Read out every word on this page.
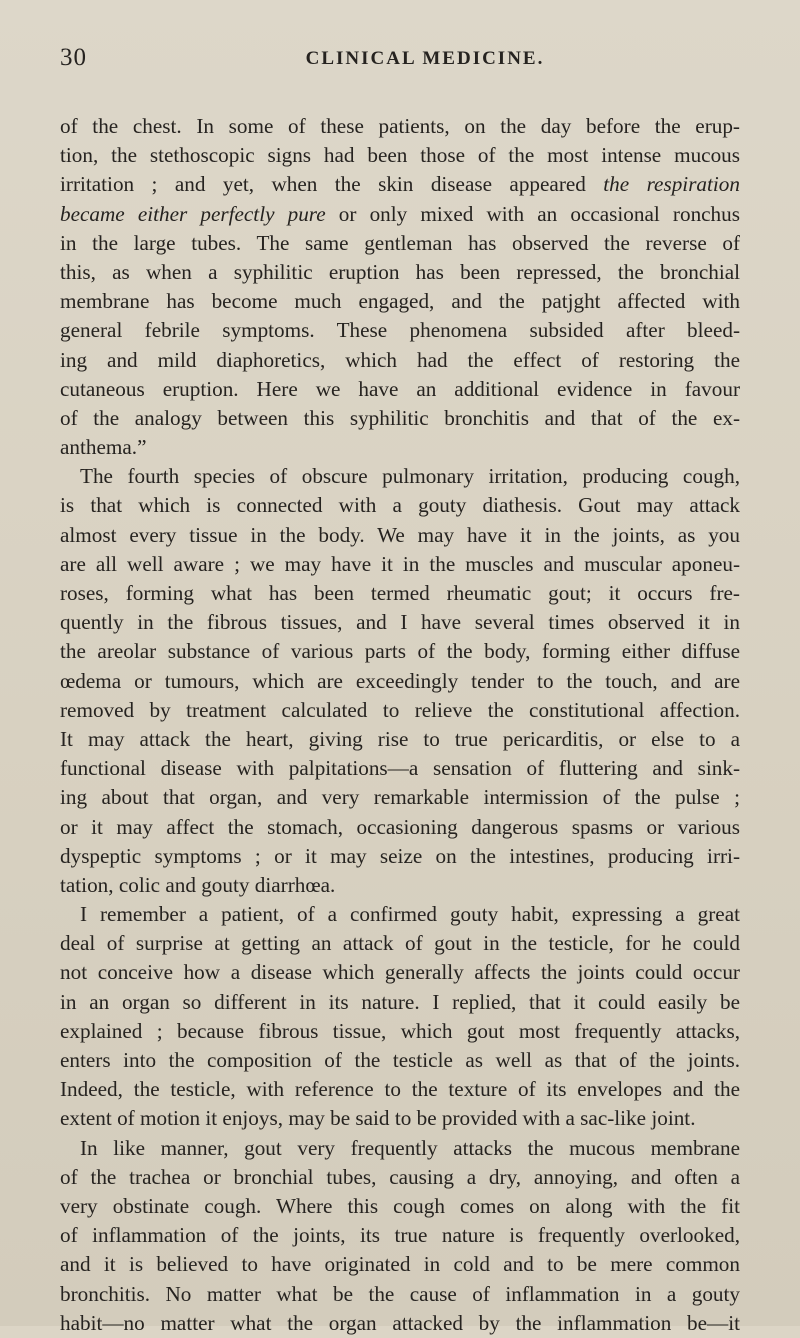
30	CLINICAL MEDICINE.
of the chest. In some of these patients, on the day before the erup-
tion, the stethoscopic signs had been those of the most intense mucous
irritation ; and yet, when the skin disease appeared the respiration
became either perfectly pure or only mixed with an occasional ronchus
in the large tubes. The same gentleman has observed the reverse of
this, as when a syphilitic eruption has been repressed, the bronchial
membrane has become much engaged, and the patjght affected with
general febrile symptoms. These phenomena subsided after bleed-
ing and mild diaphoretics, which had the effect of restoring the
cutaneous eruption. Here we have an additional evidence in favour
of the analogy between this syphilitic bronchitis and that of the ex-
anthema.”
The fourth species of obscure pulmonary irritation, producing cough,
is that which is connected with a gouty diathesis. Gout may attack
almost every tissue in the body. We may have it in the joints, as you
are all well aware ; we may have it in the muscles and muscular aponeu-
roses, forming what has been termed rheumatic gout; it occurs fre-
quently in the fibrous tissues, and I have several times observed it in
the areolar substance of various parts of the body, forming either diffuse
œdema or tumours, which are exceedingly tender to the touch, and are
removed by treatment calculated to relieve the constitutional affection.
It may attack the heart, giving rise to true pericarditis, or else to a
functional disease with palpitations—a sensation of fluttering and sink-
ing about that organ, and very remarkable intermission of the pulse ;
or it may affect the stomach, occasioning dangerous spasms or various
dyspeptic symptoms ; or it may seize on the intestines, producing irri-
tation, colic and gouty diarrhœa.
I remember a patient, of a confirmed gouty habit, expressing a great
deal of surprise at getting an attack of gout in the testicle, for he could
not conceive how a disease which generally affects the joints could occur
in an organ so different in its nature. I replied, that it could easily be
explained ; because fibrous tissue, which gout most frequently attacks,
enters into the composition of the testicle as well as that of the joints.
Indeed, the testicle, with reference to the texture of its envelopes and the
extent of motion it enjoys, may be said to be provided with a sac-like joint.
In like manner, gout very frequently attacks the mucous membrane
of the trachea or bronchial tubes, causing a dry, annoying, and often a
very obstinate cough. Where this cough comes on along with the fit
of inflammation of the joints, its true nature is frequently overlooked,
and it is believed to have originated in cold and to be mere common
bronchitis. No matter what be the cause of inflammation in a gouty
habit—no matter what the organ attacked by the inflammation be—it
